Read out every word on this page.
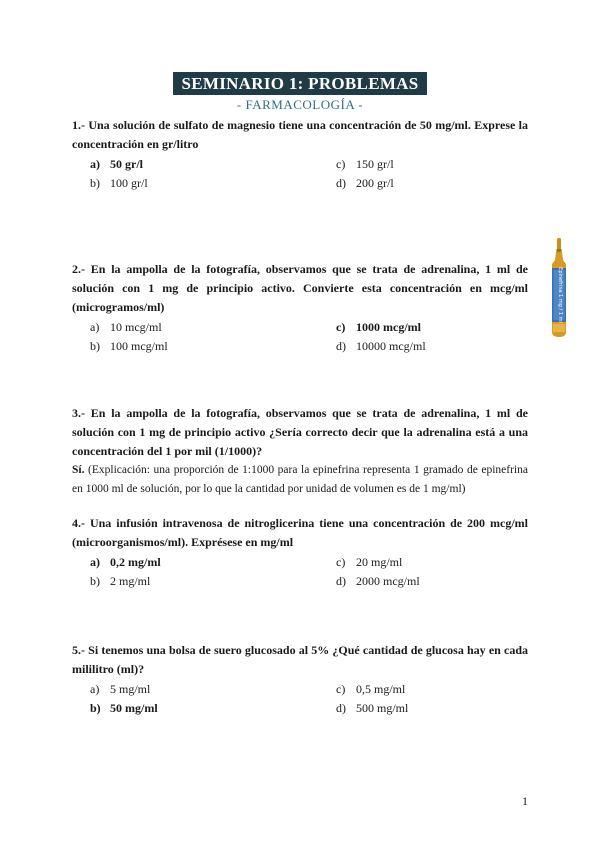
SEMINARIO 1: PROBLEMAS
- FARMACOLOGÍA -
1.- Una solución de sulfato de magnesio tiene una concentración de 50 mg/ml. Exprese la concentración en gr/litro
a) 50 gr/l
b) 100 gr/l
c) 150 gr/l
d) 200 gr/l
2.- En la ampolla de la fotografía, observamos que se trata de adrenalina, 1 ml de solución con 1 mg de principio activo. Convierte esta concentración en mcg/ml (microgramos/ml)
a) 10 mcg/ml
b) 100 mcg/ml
c) 1000 mcg/ml
d) 10000 mcg/ml
Epinefrina 1 mg / 1 ml
3.- En la ampolla de la fotografía, observamos que se trata de adrenalina, 1 ml de solución con 1 mg de principio activo ¿Sería correcto decir que la adrenalina está a una concentración del 1 por mil (1/1000)?
Sí. (Explicación: una proporción de 1:1000 para la epinefrina representa 1 gramado de epinefrina en 1000 ml de solución, por lo que la cantidad por unidad de volumen es de 1 mg/ml)
4.- Una infusión intravenosa de nitroglicerina tiene una concentración de 200 mcg/ml (microorganismos/ml). Exprésese en mg/ml
a) 0,2 mg/ml
b) 2 mg/ml
c) 20 mg/ml
d) 2000 mcg/ml
5.- Si tenemos una bolsa de suero glucosado al 5% ¿Qué cantidad de glucosa hay en cada mililitro (ml)?
a) 5 mg/ml
b) 50 mg/ml
c) 0,5 mg/ml
d) 500 mg/ml
1
